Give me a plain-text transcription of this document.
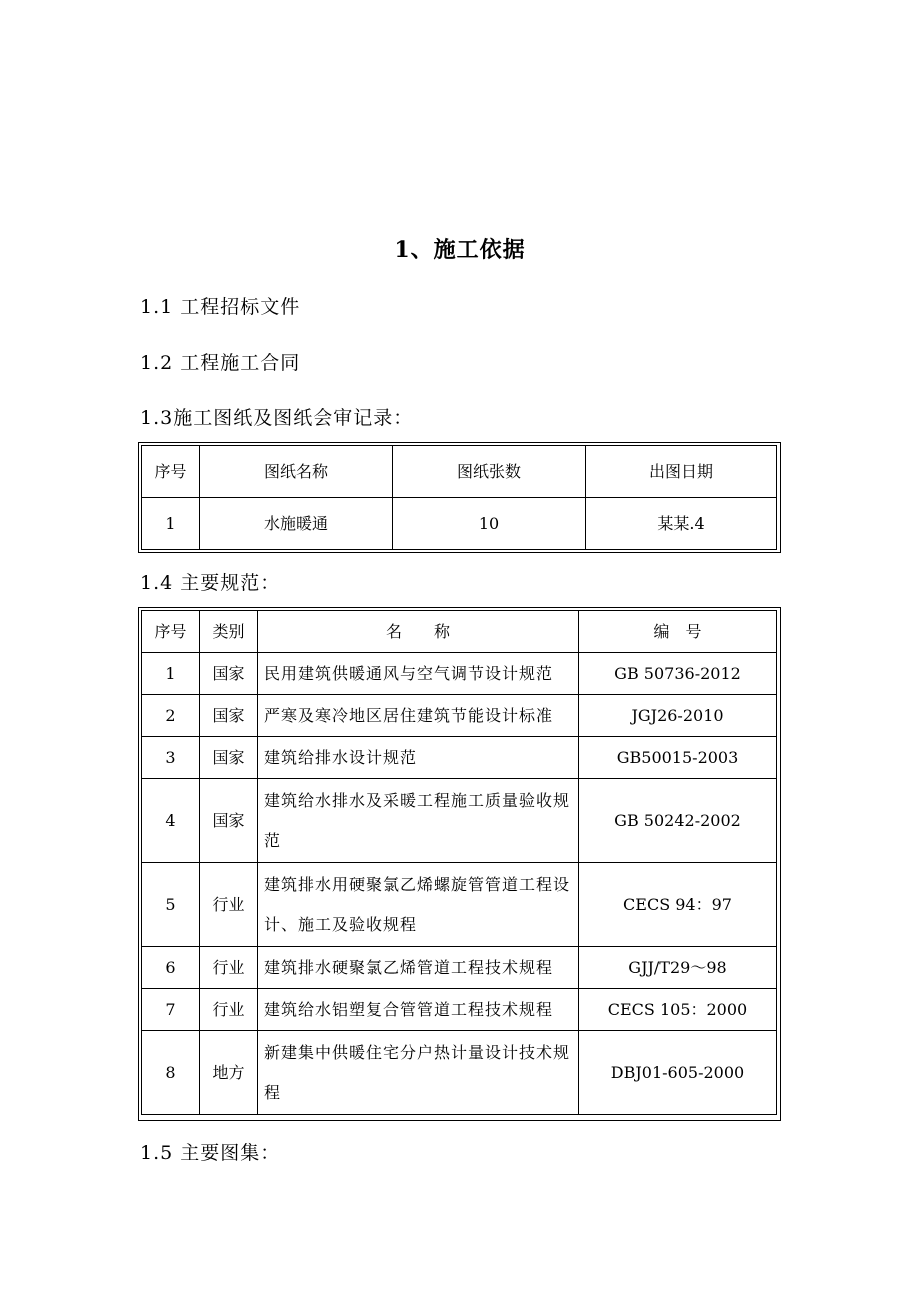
1、施工依据
1.1 工程招标文件
1.2 工程施工合同
1.3施工图纸及图纸会审记录：
序号	图纸名称	图纸张数	出图日期
1	水施暖通	10	某某.4
1.4 主要规范：
序号	类别	名　　称	编　号
1	国家	民用建筑供暖通风与空气调节设计规范	GB 50736-2012
2	国家	严寒及寒冷地区居住建筑节能设计标准	JGJ26-2010
3	国家	建筑给排水设计规范	GB50015-2003
4	国家	建筑给水排水及采暖工程施工质量验收规范	GB 50242-2002
5	行业	建筑排水用硬聚氯乙烯螺旋管管道工程设计、施工及验收规程	CECS 94：97
6	行业	建筑排水硬聚氯乙烯管道工程技术规程	GJJ/T29～98
7	行业	建筑给水铝塑复合管管道工程技术规程	CECS 105：2000
8	地方	新建集中供暖住宅分户热计量设计技术规程	DBJ01-605-2000
1.5 主要图集：
